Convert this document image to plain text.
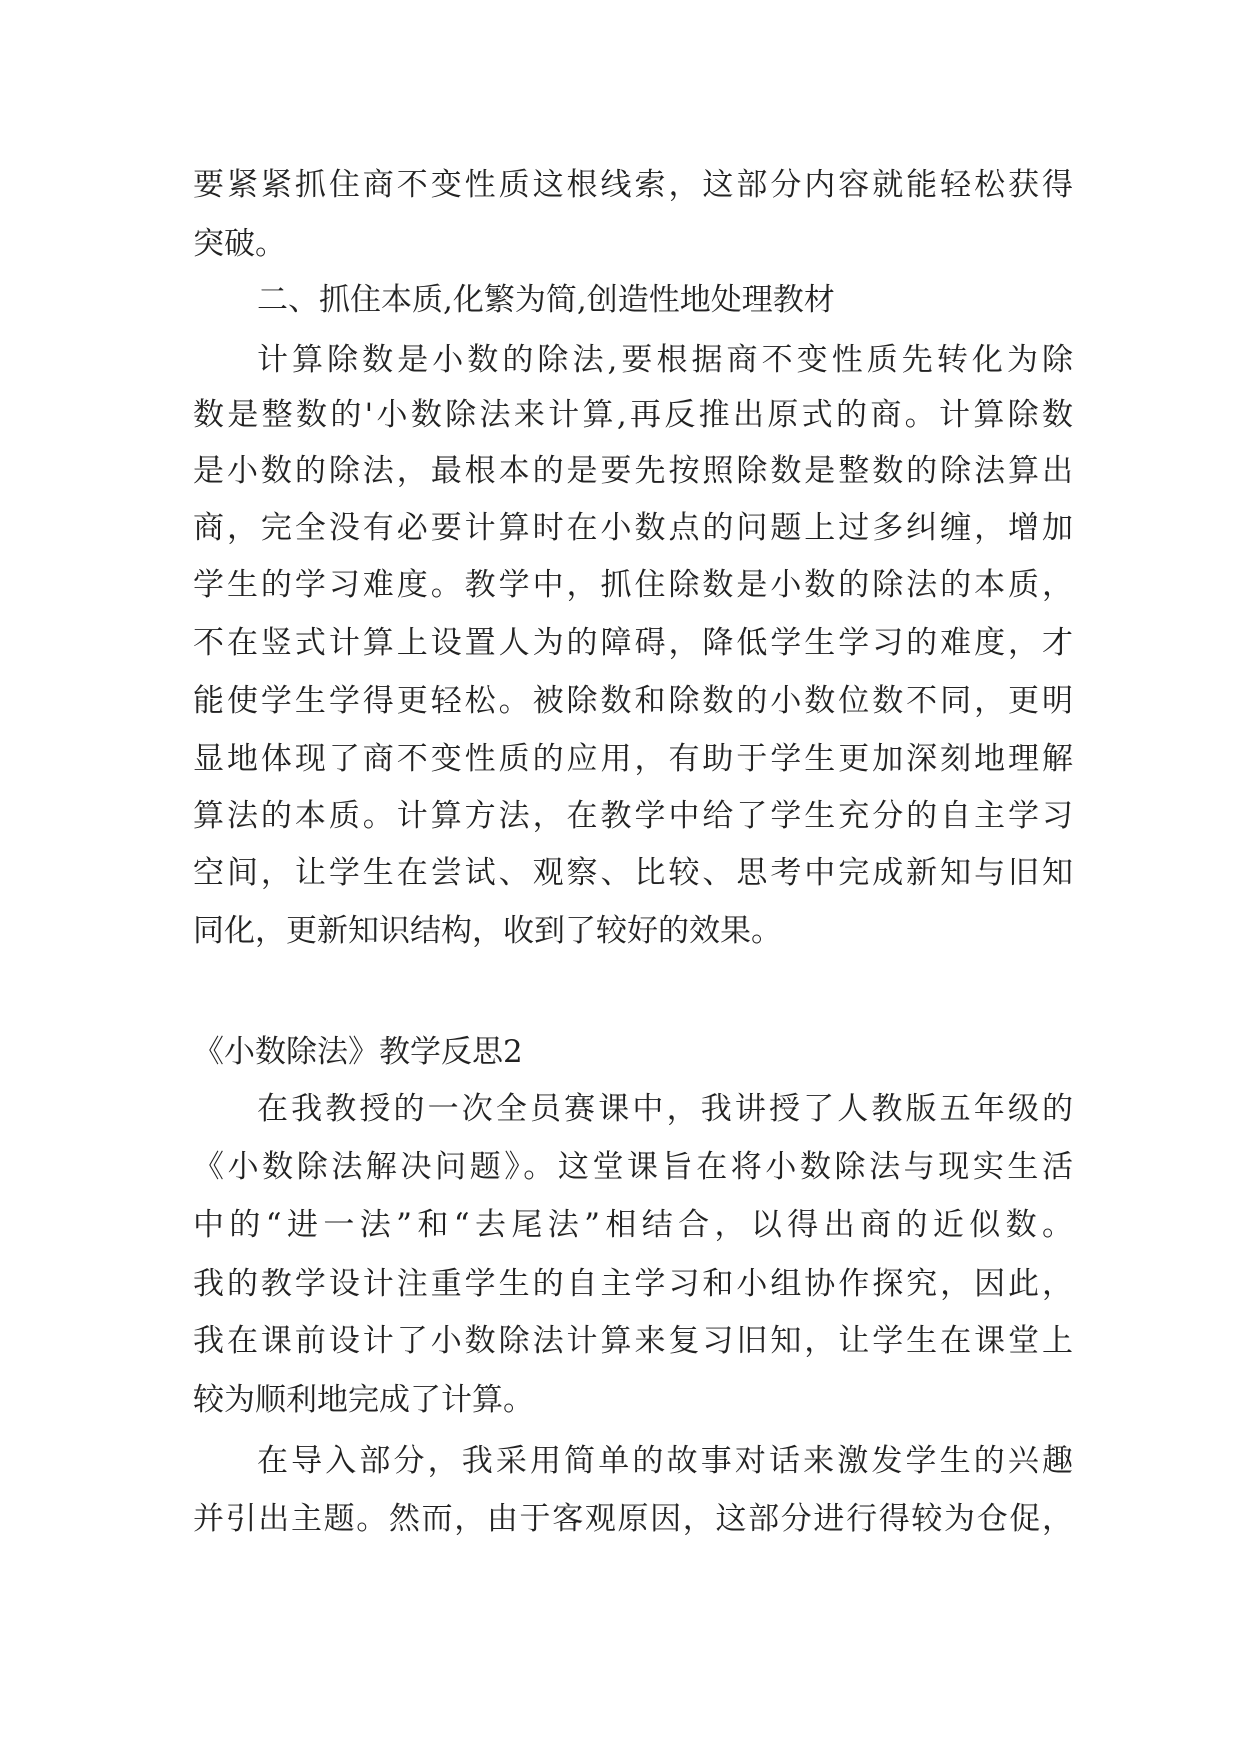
要紧紧抓住商不变性质这根线索，这部分内容就能轻松获得
突破。
二、抓住本质,化繁为简,创造性地处理教材
计算除数是小数的除法,要根据商不变性质先转化为除
数是整数的'小数除法来计算,再反推出原式的商。计算除数
是小数的除法，最根本的是要先按照除数是整数的除法算出
商，完全没有必要计算时在小数点的问题上过多纠缠，增加
学生的学习难度。教学中，抓住除数是小数的除法的本质，
不在竖式计算上设置人为的障碍，降低学生学习的难度，才
能使学生学得更轻松。被除数和除数的小数位数不同，更明
显地体现了商不变性质的应用，有助于学生更加深刻地理解
算法的本质。计算方法，在教学中给了学生充分的自主学习
空间，让学生在尝试、观察、比较、思考中完成新知与旧知
同化，更新知识结构，收到了较好的效果。
《小数除法》教学反思2
在我教授的一次全员赛课中，我讲授了人教版五年级的
《小数除法解决问题》。这堂课旨在将小数除法与现实生活
中的“进一法”和“去尾法”相结合，以得出商的近似数。
我的教学设计注重学生的自主学习和小组协作探究，因此，
我在课前设计了小数除法计算来复习旧知，让学生在课堂上
较为顺利地完成了计算。
在导入部分，我采用简单的故事对话来激发学生的兴趣
并引出主题。然而，由于客观原因，这部分进行得较为仓促，
